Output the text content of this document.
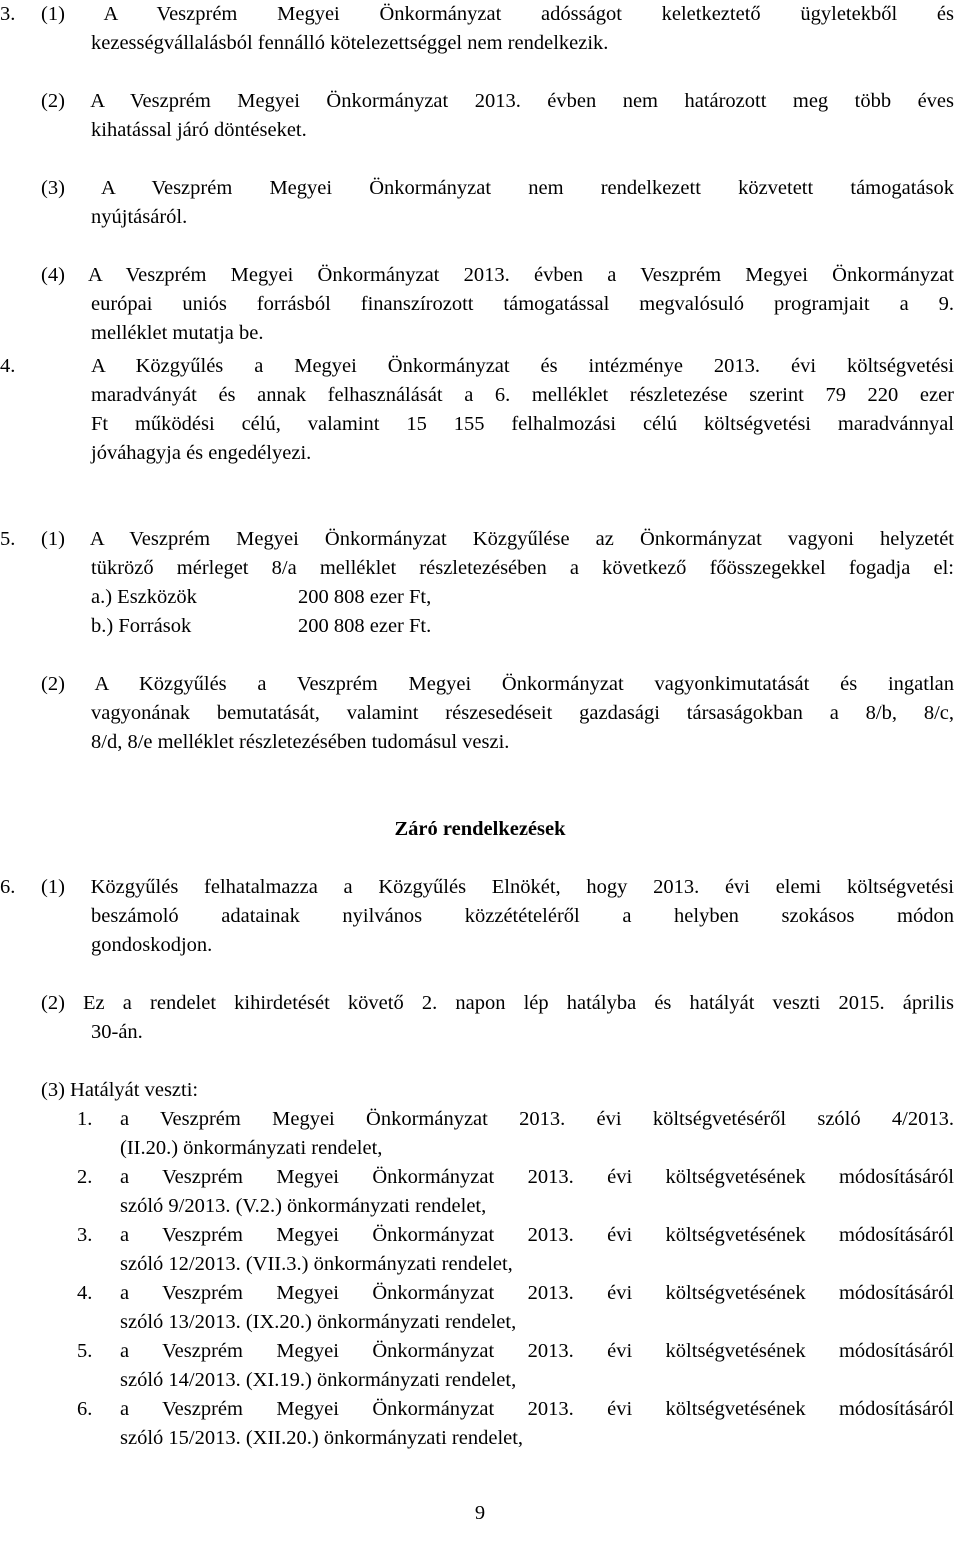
3. (1) A Veszprém Megyei Önkormányzat adósságot keletkeztető ügyletekből és
kezességvállalásból fennálló kötelezettséggel nem rendelkezik.
(2) A Veszprém Megyei Önkormányzat 2013. évben nem határozott meg több éves
kihatással járó döntéseket.
(3) A Veszprém Megyei Önkormányzat nem rendelkezett közvetett támogatások
nyújtásáról.
(4) A Veszprém Megyei Önkormányzat 2013. évben a Veszprém Megyei Önkormányzat
európai uniós forrásból finanszírozott támogatással megvalósuló programjait a 9.
melléklet mutatja be.
4.	A Közgyűlés a Megyei Önkormányzat és intézménye 2013. évi költségvetési
maradványát és annak felhasználását a 6. melléklet részletezése szerint 79 220 ezer
Ft működési célú, valamint 15 155 felhalmozási célú költségvetési maradvánnyal
jóváhagyja és engedélyezi.
5. (1) A Veszprém Megyei Önkormányzat Közgyűlése az Önkormányzat vagyoni helyzetét
tükröző mérleget 8/a melléklet részletezésében a következő főösszegekkel fogadja el:
a.) Eszközök	200 808 ezer Ft,
b.) Források	200 808 ezer Ft.
(2) A Közgyűlés a Veszprém Megyei Önkormányzat vagyonkimutatását és ingatlan
vagyonának bemutatását, valamint részesedéseit gazdasági társaságokban a 8/b, 8/c,
8/d, 8/e melléklet részletezésében tudomásul veszi.
Záró rendelkezések
6. (1) Közgyűlés felhatalmazza a Közgyűlés Elnökét, hogy 2013. évi elemi költségvetési
beszámoló adatainak nyilvános közzétételéről a helyben szokásos módon
gondoskodjon.
(2) Ez a rendelet kihirdetését követő 2. napon lép hatályba és hatályát veszti 2015. április
30-án.
(3) Hatályát veszti:
1. a Veszprém Megyei Önkormányzat 2013. évi költségvetéséről szóló 4/2013.
(II.20.) önkormányzati rendelet,
2. a Veszprém Megyei Önkormányzat 2013. évi költségvetésének módosításáról
szóló 9/2013. (V.2.) önkormányzati rendelet,
3. a Veszprém Megyei Önkormányzat 2013. évi költségvetésének módosításáról
szóló 12/2013. (VII.3.) önkormányzati rendelet,
4. a Veszprém Megyei Önkormányzat 2013. évi költségvetésének módosításáról
szóló 13/2013. (IX.20.) önkormányzati rendelet,
5. a Veszprém Megyei Önkormányzat 2013. évi költségvetésének módosításáról
szóló 14/2013. (XI.19.) önkormányzati rendelet,
6. a Veszprém Megyei Önkormányzat 2013. évi költségvetésének módosításáról
szóló 15/2013. (XII.20.) önkormányzati rendelet,
9
